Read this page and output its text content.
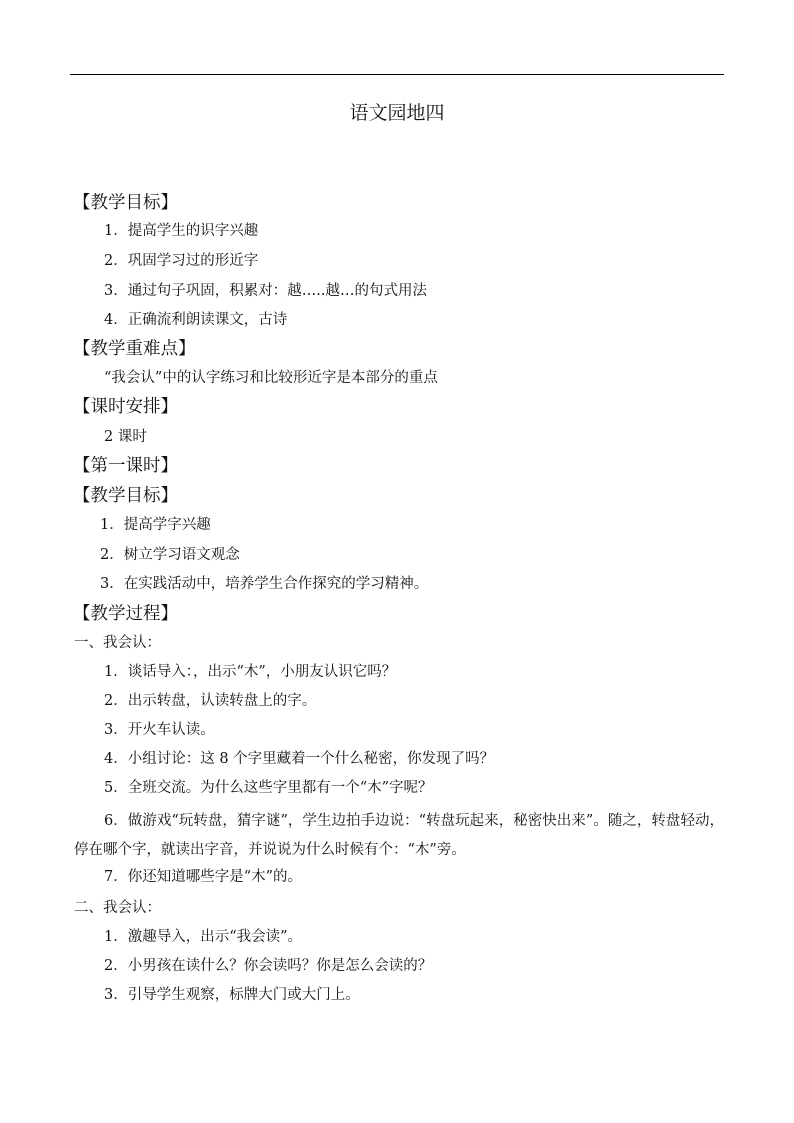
语文园地四
【教学目标】
1．提高学生的识字兴趣
2．巩固学习过的形近字
3．通过句子巩固，积累对：越…..越…的句式用法
4．正确流利朗读课文，古诗
【教学重难点】
“我会认”中的认字练习和比较形近字是本部分的重点
【课时安排】
2 课时
【第一课时】
【教学目标】
1．提高学字兴趣
2．树立学习语文观念
3．在实践活动中，培养学生合作探究的学习精神。
【教学过程】
一、我会认：
1．谈话导入：，出示“木”，小朋友认识它吗？
2．出示转盘，认读转盘上的字。
3．开火车认读。
4．小组讨论：这 8 个字里藏着一个什么秘密，你发现了吗？
5．全班交流。为什么这些字里都有一个“木”字呢？
6．做游戏“玩转盘，猜字谜”，学生边拍手边说：“转盘玩起来，秘密快出来”。随之，转盘轻动，停在哪个字，就读出字音，并说说为什么时候有个：“木”旁。
7．你还知道哪些字是“木”的。
二、我会认：
1．激趣导入，出示“我会读”。
2．小男孩在读什么？你会读吗？你是怎么会读的？
3．引导学生观察，标牌大门或大门上。
